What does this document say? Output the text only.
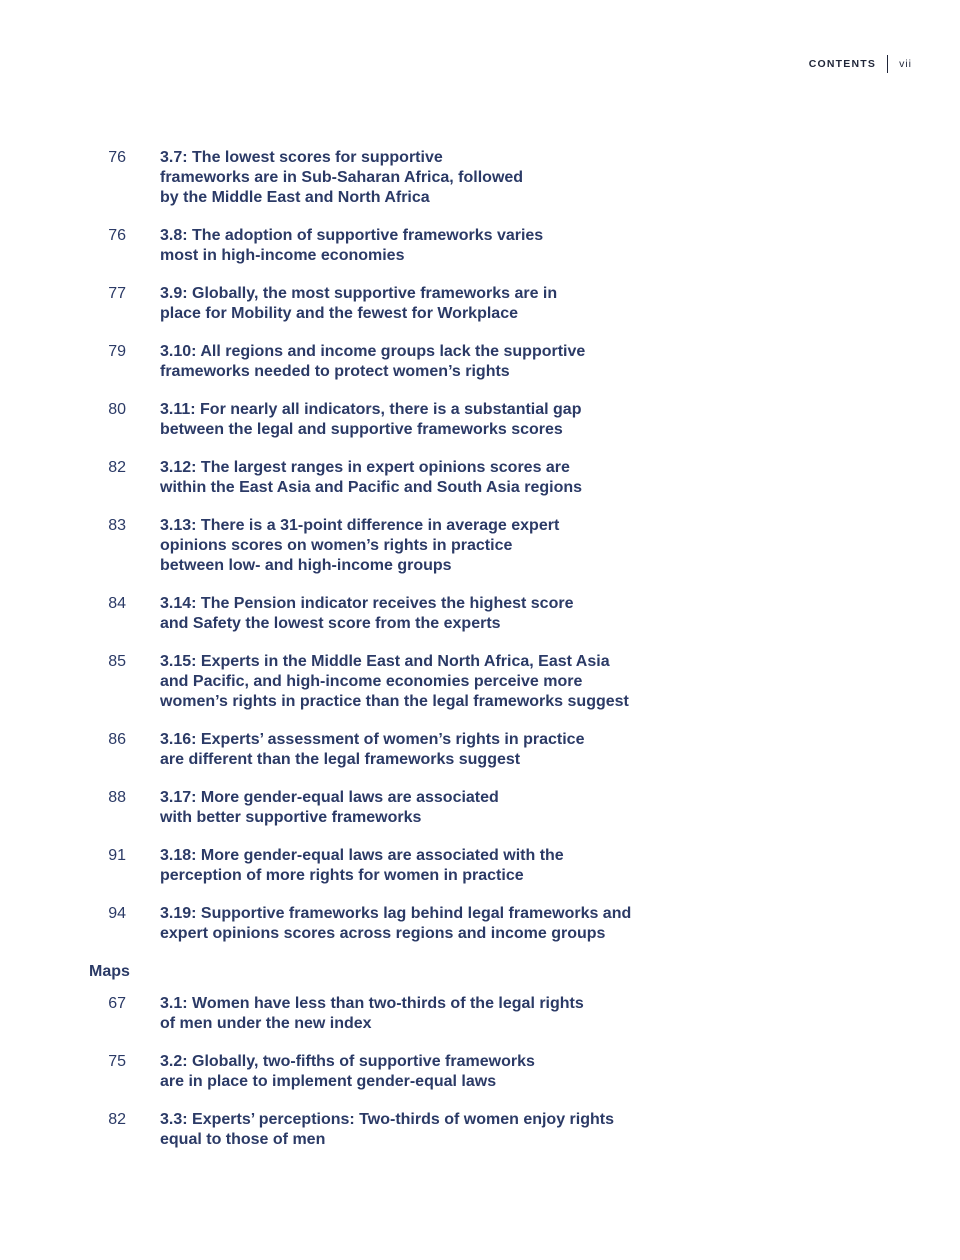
CONTENTS	vii
76 3.7: The lowest scores for supportive
frameworks are in Sub-Saharan Africa, followed
by the Middle East and North Africa
76 3.8: The adoption of supportive frameworks varies
most in high-income economies
77 3.9: Globally, the most supportive frameworks are in
place for Mobility and the fewest for Workplace
79 3.10: All regions and income groups lack the supportive
frameworks needed to protect women’s rights
80 3.11: For nearly all indicators, there is a substantial gap
between the legal and supportive frameworks scores
82 3.12: The largest ranges in expert opinions scores are
within the East Asia and Pacific and South Asia regions
83 3.13: There is a 31-point difference in average expert
opinions scores on women’s rights in practice
between low- and high-income groups
84 3.14: The Pension indicator receives the highest score
and Safety the lowest score from the experts
85 3.15: Experts in the Middle East and North Africa, East Asia
and Pacific, and high-income economies perceive more
women’s rights in practice than the legal frameworks suggest
86 3.16: Experts’ assessment of women’s rights in practice
are different than the legal frameworks suggest
88 3.17: More gender-equal laws are associated
with better supportive frameworks
91 3.18: More gender-equal laws are associated with the
perception of more rights for women in practice
94 3.19: Supportive frameworks lag behind legal frameworks and
expert opinions scores across regions and income groups
Maps
67 3.1: Women have less than two-thirds of the legal rights
of men under the new index
75 3.2: Globally, two-fifths of supportive frameworks
are in place to implement gender-equal laws
82 3.3: Experts’ perceptions: Two-thirds of women enjoy rights
equal to those of men
